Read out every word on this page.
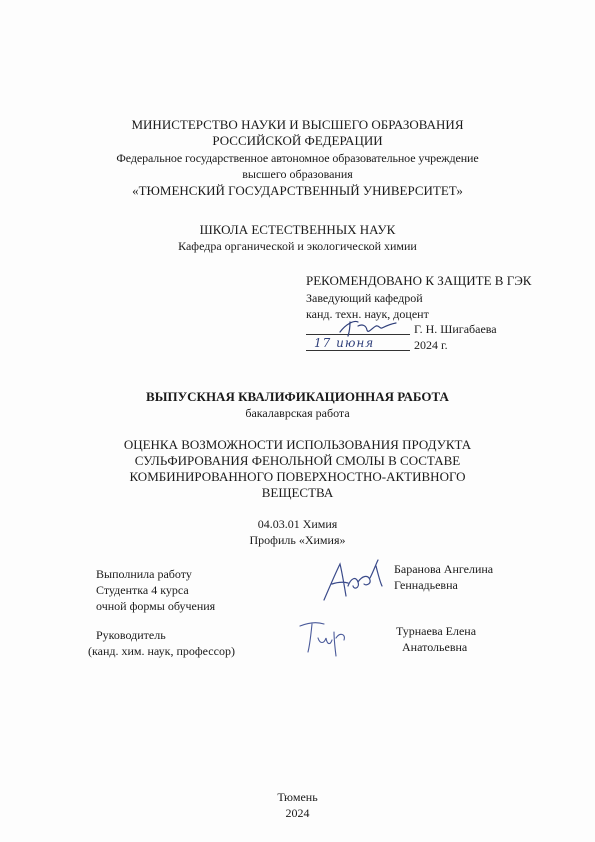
МИНИСТЕРСТВО НАУКИ И ВЫСШЕГО ОБРАЗОВАНИЯ
РОССИЙСКОЙ ФЕДЕРАЦИИ
Федеральное государственное автономное образовательное учреждение
высшего образования
«ТЮМЕНСКИЙ ГОСУДАРСТВЕННЫЙ УНИВЕРСИТЕТ»
ШКОЛА ЕСТЕСТВЕННЫХ НАУК
Кафедра органической и экологической химии
РЕКОМЕНДОВАНО К ЗАЩИТЕ В ГЭК
Заведующий кафедрой
канд. техн. наук, доцент
Г. Н. Шигабаева
17 июня	2024 г.
ВЫПУСКНАЯ КВАЛИФИКАЦИОННАЯ РАБОТА
бакалаврская работа
ОЦЕНКА ВОЗМОЖНОСТИ ИСПОЛЬЗОВАНИЯ ПРОДУКТА
СУЛЬФИРОВАНИЯ ФЕНОЛЬНОЙ СМОЛЫ В СОСТАВЕ
КОМБИНИРОВАННОГО ПОВЕРХНОСТНО-АКТИВНОГО
ВЕЩЕСТВА
04.03.01 Химия
Профиль «Химия»
Выполнила работу
Студентка 4 курса
очной формы обучения
Баранова Ангелина
Геннадьевна
Руководитель
(канд. хим. наук, профессор)
Турнаева Елена
Анатольевна
Тюмень
2024
